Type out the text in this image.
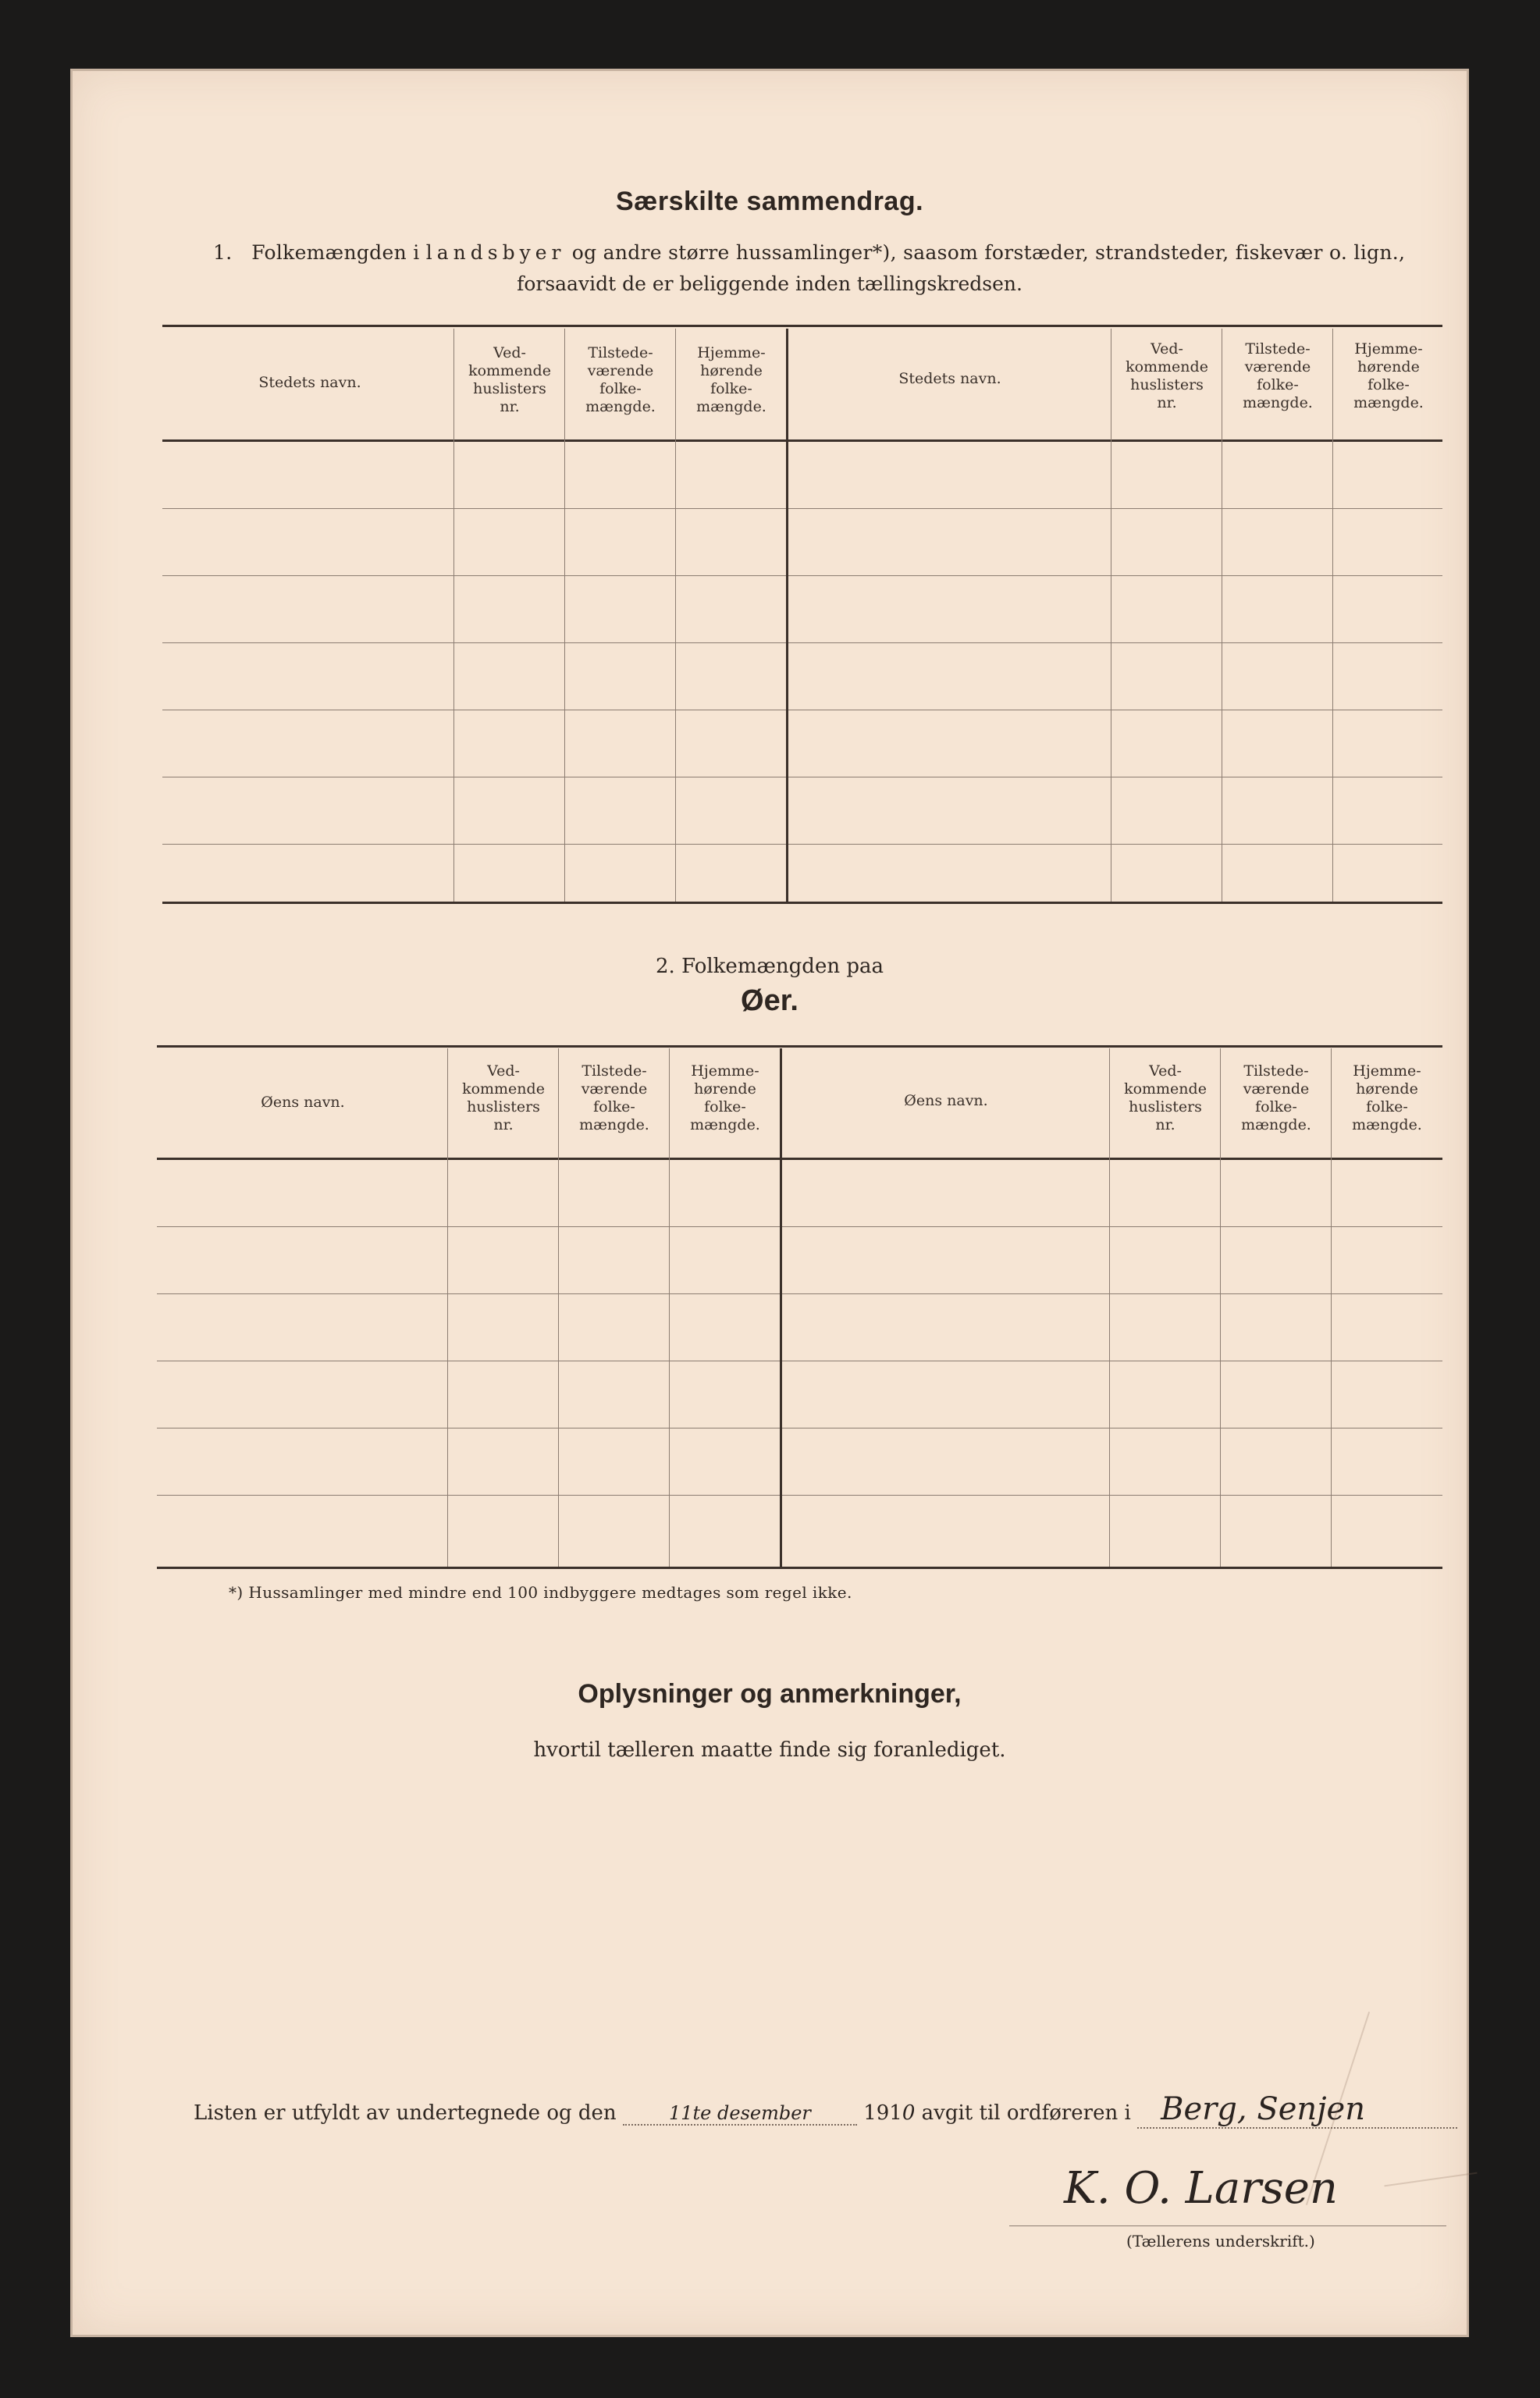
Særskilte sammendrag.
1. Folkemængden i landsbyer og andre større hussamlinger*), saasom forstæder, strandsteder, fiskevær o. lign.,
forsaavidt de er beliggende inden tællingskredsen.
Stedets navn.
Ved-
kommende
huslisters
nr.
Tilstede-
værende
folke-
mængde.
Hjemme-
hørende
folke-
mængde.
Stedets navn.
Ved-
kommende
huslisters
nr.
Tilstede-
værende
folke-
mængde.
Hjemme-
hørende
folke-
mængde.
2. Folkemængden paa
Øer.
Øens navn.
Ved-
kommende
huslisters
nr.
Tilstede-
værende
folke-
mængde.
Hjemme-
hørende
folke-
mængde.
Øens navn.
Ved-
kommende
huslisters
nr.
Tilstede-
værende
folke-
mængde.
Hjemme-
hørende
folke-
mængde.
*) Hussamlinger med mindre end 100 indbyggere medtages som regel ikke.
Oplysninger og anmerkninger,
hvortil tælleren maatte finde sig foranlediget.
Listen er utfyldt av undertegnede og den	11te desember	1910 avgit til ordføreren i Berg, Senjen
K. O. Larsen
(Tællerens underskrift.)
